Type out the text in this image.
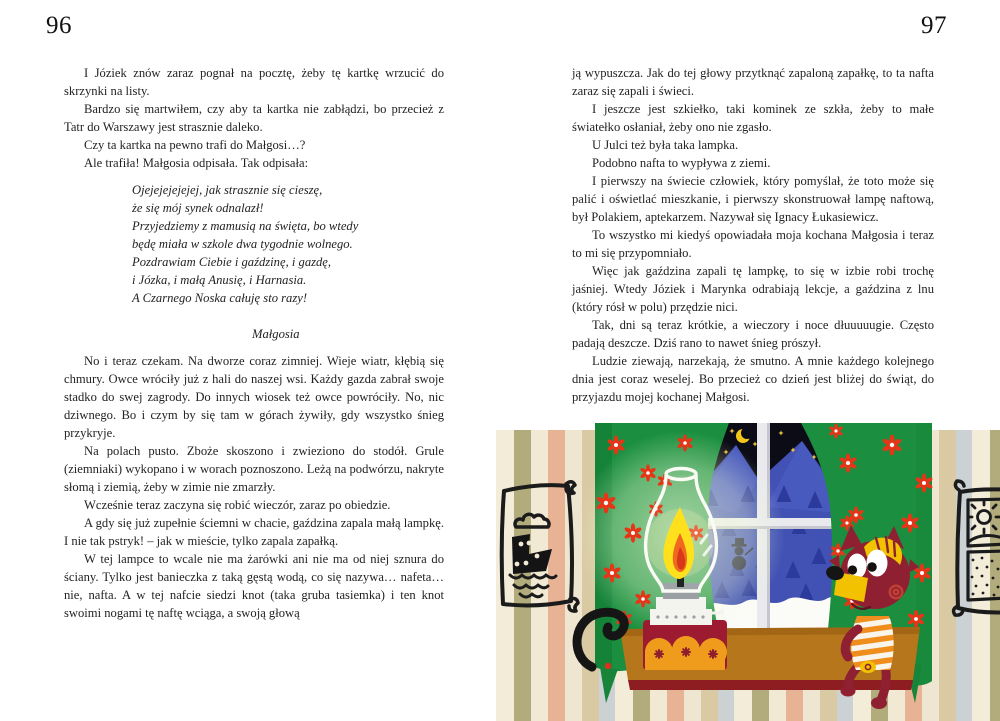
96	97

I Józiek znów zaraz pognał na pocztę, żeby tę kartkę wrzucić do skrzynki na listy.

Bardzo się martwiłem, czy aby ta kartka nie zabłądzi, bo przecież z Tatr do Warszawy jest strasznie daleko.

Czy ta kartka na pewno trafi do Małgosi…?

Ale trafiła! Małgosia odpisała. Tak odpisała:

Ojejejejejejej, jak strasznie się cieszę,
że się mój synek odnalazł!
Przyjedziemy z mamusią na święta, bo wtedy
będę miała w szkole dwa tygodnie wolnego.
Pozdrawiam Ciebie i gaździnę, i gazdę,
i Józka, i małą Anusię, i Harnasia.
A Czarnego Noska całuję sto razy!
Małgosia

No i teraz czekam. Na dworze coraz zimniej. Wieje wiatr, kłębią się chmury. Owce wróciły już z hali do naszej wsi. Każdy gazda zabrał swoje stadko do swej zagrody. Do innych wiosek też owce powróciły. No, nic dziwnego. Bo i czym by się tam w górach żywiły, gdy wszystko śnieg przykryje.

Na polach pusto. Zboże skoszono i zwieziono do stodół. Grule (ziemniaki) wykopano i w worach poznoszono. Leżą na podwórzu, nakryte słomą i ziemią, żeby w zimie nie zmarzły.

Wcześnie teraz zaczyna się robić wieczór, zaraz po obiedzie.

A gdy się już zupełnie ściemni w chacie, gaździna zapala małą lampkę. I nie tak pstryk! – jak w mieście, tylko zapala zapałką.

W tej lampce to wcale nie ma żarówki ani nie ma od niej sznura do ściany. Tylko jest banieczka z taką gęstą wodą, co się nazywa… nafeta… nie, nafta. A w tej nafcie siedzi knot (taka gruba tasiemka) i ten knot swoimi nogami tę naftę wciąga, a swoją głową

ją wypuszcza. Jak do tej głowy przytknąć zapaloną zapałkę, to ta nafta zaraz się zapali i świeci.

I jeszcze jest szkiełko, taki kominek ze szkła, żeby to małe światełko osłaniał, żeby ono nie zgasło.

U Julci też była taka lampka.

Podobno nafta to wypływa z ziemi.

I pierwszy na świecie człowiek, który pomyślał, że toto może się palić i oświetlać mieszkanie, i pierwszy skonstruował lampę naftową, był Polakiem, aptekarzem. Nazywał się Ignacy Łukasiewicz.

To wszystko mi kiedyś opowiadała moja kochana Małgosia i teraz to mi się przypomniało.

Więc jak gaździna zapali tę lampkę, to się w izbie robi trochę jaśniej. Wtedy Józiek i Marynka odrabiają lekcje, a gaździna z lnu (który rósł w polu) przędzie nici.

Tak, dni są teraz krótkie, a wieczory i noce dłuuuuugie. Często padają deszcze. Dziś rano to nawet śnieg prószył.

Ludzie ziewają, narzekają, że smutno. A mnie każdego kolejnego dnia jest coraz weselej. Bo przecież co dzień jest bliżej do świąt, do przyjazdu mojej kochanej Małgosi.
